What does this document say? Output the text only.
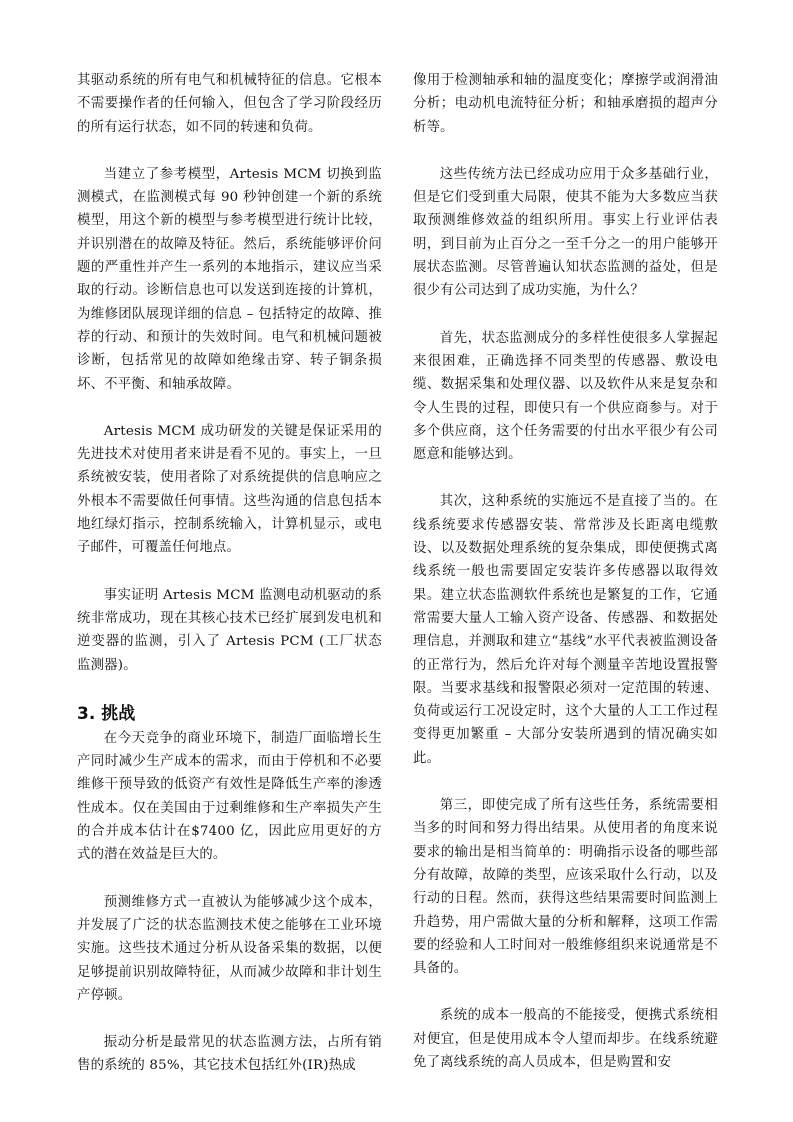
其驱动系统的所有电气和机械特征的信息。它根本不需要操作者的任何输入，但包含了学习阶段经历的所有运行状态，如不同的转速和负荷。

当建立了参考模型，Artesis MCM 切换到监测模式，在监测模式每 90 秒钟创建一个新的系统模型，用这个新的模型与参考模型进行统计比较，并识别潜在的故障及特征。然后，系统能够评价问题的严重性并产生一系列的本地指示，建议应当采取的行动。诊断信息也可以发送到连接的计算机，为维修团队展现详细的信息 – 包括特定的故障、推荐的行动、和预计的失效时间。电气和机械问题被诊断，包括常见的故障如绝缘击穿、转子铜条损坏、不平衡、和轴承故障。

Artesis MCM 成功研发的关键是保证采用的先进技术对使用者来讲是看不见的。事实上，一旦系统被安装，使用者除了对系统提供的信息响应之外根本不需要做任何事情。这些沟通的信息包括本地红绿灯指示，控制系统输入，计算机显示，或电子邮件，可覆盖任何地点。

事实证明 Artesis MCM 监测电动机驱动的系统非常成功，现在其核心技术已经扩展到发电机和逆变器的监测，引入了 Artesis PCM (工厂状态监测器)。

3. 挑战

在今天竞争的商业环境下，制造厂面临增长生产同时减少生产成本的需求，而由于停机和不必要维修干预导致的低资产有效性是降低生产率的渗透性成本。仅在美国由于过剩维修和生产率损失产生的合并成本估计在$7400 亿，因此应用更好的方式的潜在效益是巨大的。

预测维修方式一直被认为能够减少这个成本，并发展了广泛的状态监测技术使之能够在工业环境实施。这些技术通过分析从设备采集的数据，以便足够提前识别故障特征，从而减少故障和非计划生产停顿。

振动分析是最常见的状态监测方法，占所有销售的系统的 85%，其它技术包括红外(IR)热成

像用于检测轴承和轴的温度变化；摩擦学或润滑油分析；电动机电流特征分析；和轴承磨损的超声分析等。

这些传统方法已经成功应用于众多基础行业，但是它们受到重大局限，使其不能为大多数应当获取预测维修效益的组织所用。事实上行业评估表明，到目前为止百分之一至千分之一的用户能够开展状态监测。尽管普遍认知状态监测的益处，但是很少有公司达到了成功实施，为什么？

首先，状态监测成分的多样性使很多人掌握起来很困难，正确选择不同类型的传感器、敷设电缆、数据采集和处理仪器、以及软件从来是复杂和令人生畏的过程，即使只有一个供应商参与。对于多个供应商，这个任务需要的付出水平很少有公司愿意和能够达到。

其次，这种系统的实施远不是直接了当的。在线系统要求传感器安装、常常涉及长距离电缆敷设、以及数据处理系统的复杂集成，即使便携式离线系统一般也需要固定安装许多传感器以取得效果。建立状态监测软件系统也是繁复的工作，它通常需要大量人工输入资产设备、传感器、和数据处理信息，并测取和建立“基线”水平代表被监测设备的正常行为，然后允许对每个测量辛苦地设置报警限。当要求基线和报警限必须对一定范围的转速、负荷或运行工况设定时，这个大量的人工工作过程变得更加繁重 – 大部分安装所遇到的情况确实如此。

第三，即使完成了所有这些任务，系统需要相当多的时间和努力得出结果。从使用者的角度来说要求的输出是相当简单的：明确指示设备的哪些部分有故障，故障的类型，应该采取什么行动，以及行动的日程。然而，获得这些结果需要时间监测上升趋势，用户需做大量的分析和解释，这项工作需要的经验和人工时间对一般维修组织来说通常是不具备的。

系统的成本一般高的不能接受，便携式系统相对便宜，但是使用成本令人望而却步。在线系统避免了离线系统的高人员成本，但是购置和安
